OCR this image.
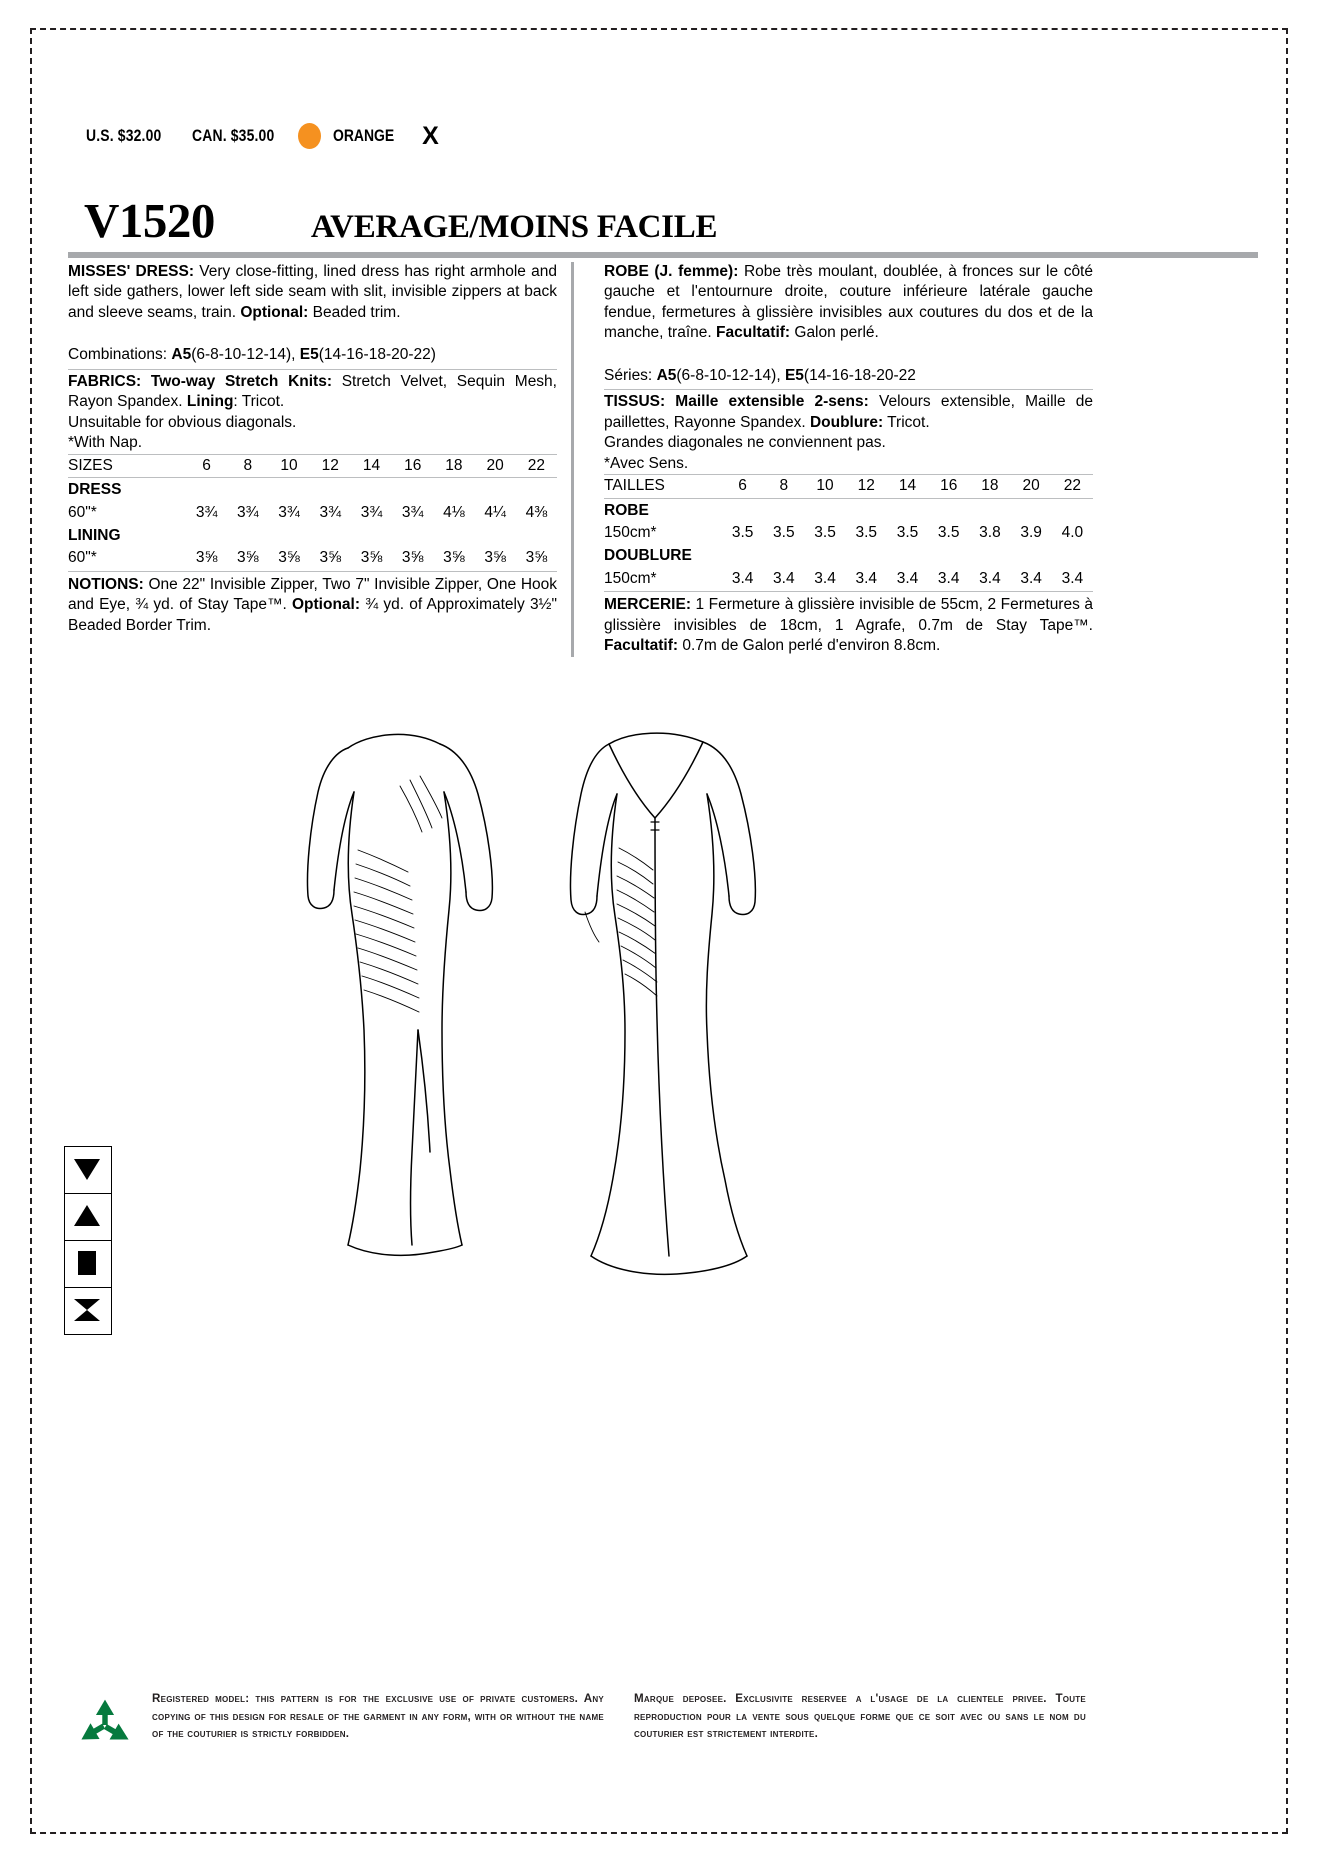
U.S. $32.00 CAN. $35.00	ORANGE X
V1520	AVERAGE/MOINS FACILE

MISSES' DRESS: Very close-fitting, lined dress has right armhole and left side gathers, lower left side seam with slit, invisible zippers at back and sleeve seams, train. Optional: Beaded trim.

Combinations: A5(6-8-10-12-14), E5(14-16-18-20-22)

FABRICS: Two-way Stretch Knits: Stretch Velvet, Sequin Mesh, Rayon Spandex. Lining: Tricot.

Unsuitable for obvious diagonals.

*With Nap.

SIZES	6	8	10	12	14	16	18	20	22
DRESS									
60"*	3¾	3¾	3¾	3¾	3¾	3¾	4⅛	4¼	4⅜
LINING									
60"*	3⅝	3⅝	3⅝	3⅝	3⅝	3⅝	3⅝	3⅝	3⅝

NOTIONS: One 22" Invisible Zipper, Two 7" Invisible Zipper, One Hook and Eye, ¾ yd. of Stay Tape™. Optional: ¾ yd. of Approximately 3½" Beaded Border Trim.

ROBE (J. femme): Robe très moulant, doublée, à fronces sur le côté gauche et l'entournure droite, couture inférieure latérale gauche fendue, fermetures à glissière invisibles aux coutures du dos et de la manche, traîne. Facultatif: Galon perlé.

Séries: A5(6-8-10-12-14), E5(14-16-18-20-22

TISSUS: Maille extensible 2-sens: Velours extensible, Maille de paillettes, Rayonne Spandex. Doublure: Tricot.

Grandes diagonales ne conviennent pas.

*Avec Sens.

TAILLES	6	8	10	12	14	16	18	20	22
ROBE									
150cm*	3.5	3.5	3.5	3.5	3.5	3.5	3.8	3.9	4.0
DOUBLURE									
150cm*	3.4	3.4	3.4	3.4	3.4	3.4	3.4	3.4	3.4

MERCERIE: 1 Fermeture à glissière invisible de 55cm, 2 Fermetures à glissière invisibles de 18cm, 1 Agrafe, 0.7m de Stay Tape™. Facultatif: 0.7m de Galon perlé d'environ 8.8cm.

Registered model: this pattern is for the exclusive use of private customers. Any copying of this design for resale of the garment in any form, with or without the name of the couturier is strictly forbidden.
Marque deposee. Exclusivite reservee a l'usage de la clientele privee. Toute reproduction pour la vente sous quelque forme que ce soit avec ou sans le nom du couturier est strictement interdite.
